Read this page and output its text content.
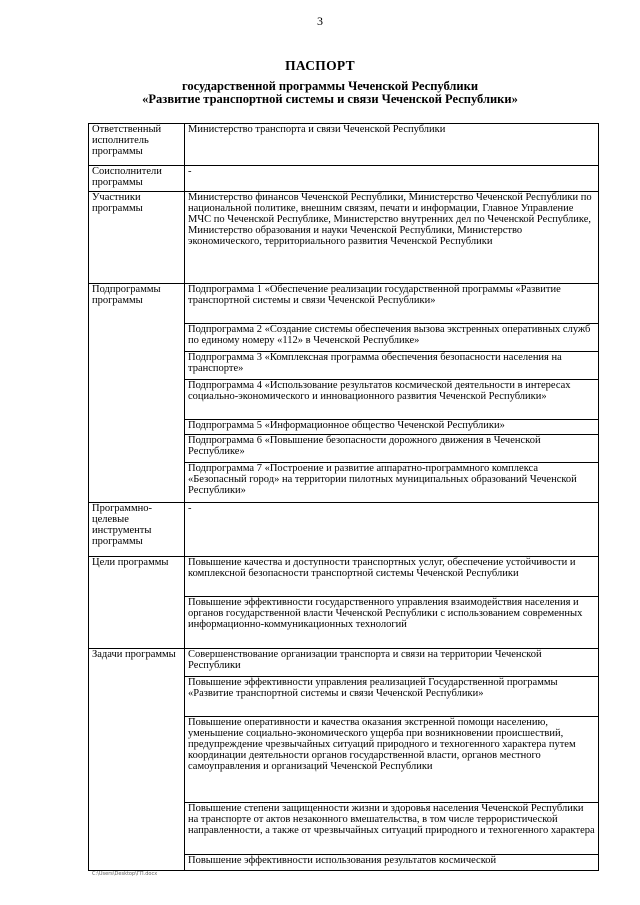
3
ПАСПОРТ
государственной программы Чеченской Республики
«Развитие транспортной системы и связи Чеченской Республики»
Ответственный исполнитель программы	Министерство транспорта и связи Чеченской Республики
Соисполнители программы	-
Участники программы	Министерство финансов Чеченской Республики, Министерство Чеченской Республики по национальной политике, внешним связям, печати и информации, Главное Управление МЧС по Чеченской Республике, Министерство внутренних дел по Чеченской Республике, Министерство образования и науки Чеченской Республики, Министерство экономического, территориального развития Чеченской Республики
Подпрограммы программы	Подпрограмма 1 «Обеспечение реализации государственной программы «Развитие транспортной системы и связи Чеченской Республики»
	Подпрограмма 2 «Создание системы обеспечения вызова экстренных оперативных служб по единому номеру «112» в Чеченской Республике»
	Подпрограмма 3 «Комплексная программа обеспечения безопасности населения на транспорте»
	Подпрограмма 4 «Использование результатов космической деятельности в интересах социально-экономического и инновационного развития Чеченской Республики»
	Подпрограмма 5 «Информационное общество Чеченской Республики»
	Подпрограмма 6 «Повышение безопасности дорожного движения в Чеченской Республике»
	Подпрограмма 7 «Построение и развитие аппаратно-программного комплекса «Безопасный город» на территории пилотных муниципальных образований Чеченской Республики»
Программно-целевые инструменты программы	-
Цели программы	Повышение качества и доступности транспортных услуг, обеспечение устойчивости и комплексной безопасности транспортной системы Чеченской Республики
	Повышение эффективности государственного управления взаимодействия населения и органов государственной власти Чеченской Республики с использованием современных информационно-коммуникационных технологий
Задачи программы	Совершенствование организации транспорта и связи на территории Чеченской Республики
	Повышение эффективности управления реализацией Государственной программы «Развитие транспортной системы и связи Чеченской Республики»
	Повышение оперативности и качества оказания экстренной помощи населению, уменьшение социально-экономического ущерба при возникновении происшествий, предупреждение чрезвычайных ситуаций природного и техногенного характера путем координации деятельности органов государственной власти, органов местного самоуправления и организаций Чеченской Республики
	Повышение степени защищенности жизни и здоровья населения Чеченской Республики на транспорте от актов незаконного вмешательства, в том числе террористической направленности, а также от чрезвычайных ситуаций природного и техногенного характера
	Повышение эффективности использования результатов космической
С:\Users\Desktop\ГП.docx
